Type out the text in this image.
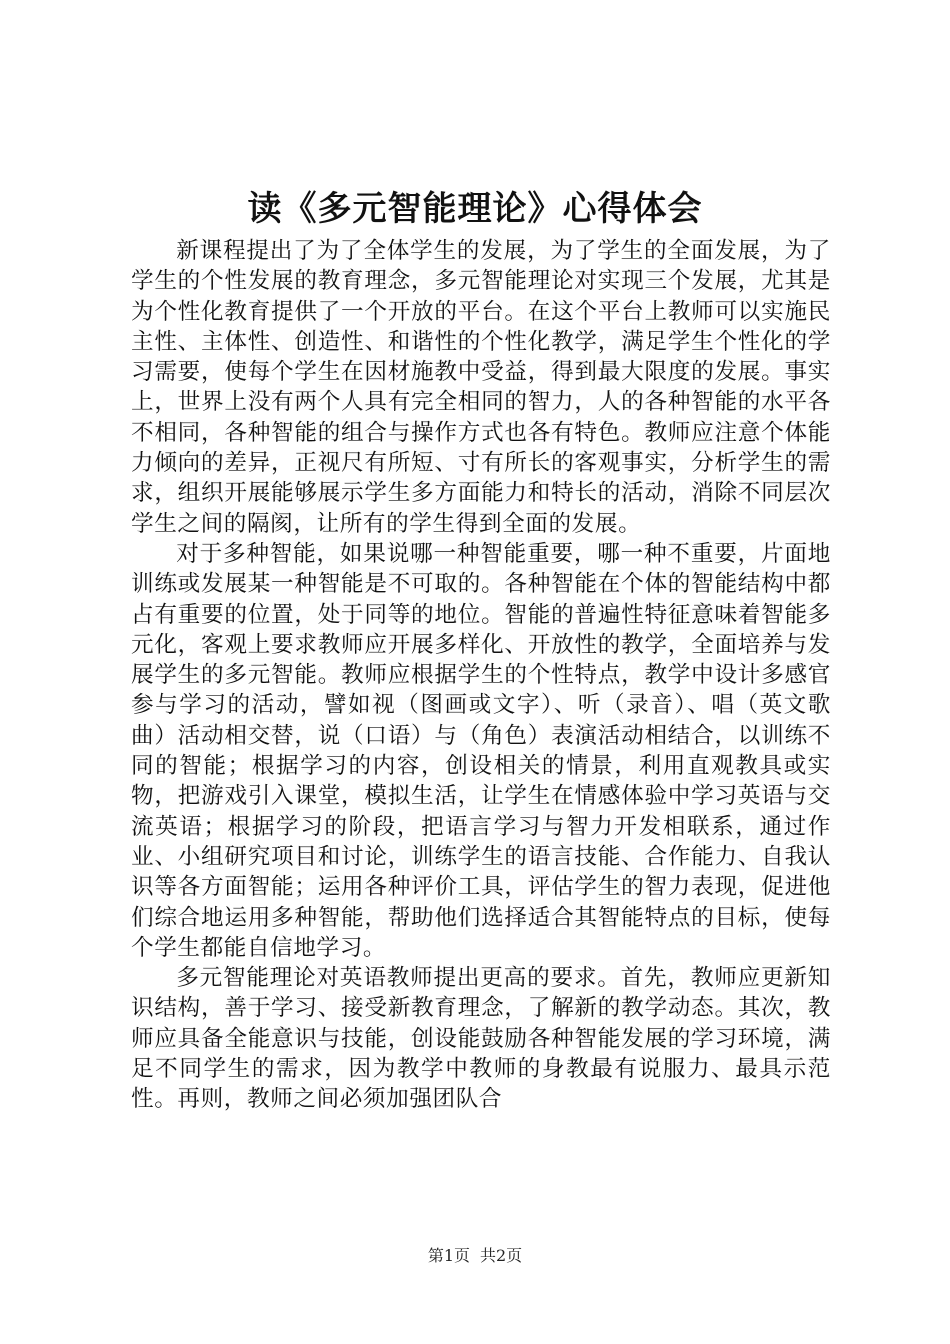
读《多元智能理论》心得体会

新课程提出了为了全体学生的发展，为了学生的全面发展，为了学生的个性发展的教育理念，多元智能理论对实现三个发展，尤其是为个性化教育提供了一个开放的平台。在这个平台上教师可以实施民主性、主体性、创造性、和谐性的个性化教学，满足学生个性化的学习需要，使每个学生在因材施教中受益，得到最大限度的发展。事实上，世界上没有两个人具有完全相同的智力，人的各种智能的水平各不相同，各种智能的组合与操作方式也各有特色。教师应注意个体能力倾向的差异，正视尺有所短、寸有所长的客观事实，分析学生的需求，组织开展能够展示学生多方面能力和特长的活动，消除不同层次学生之间的隔阂，让所有的学生得到全面的发展。

对于多种智能，如果说哪一种智能重要，哪一种不重要，片面地训练或发展某一种智能是不可取的。各种智能在个体的智能结构中都占有重要的位置，处于同等的地位。智能的普遍性特征意味着智能多元化，客观上要求教师应开展多样化、开放性的教学，全面培养与发展学生的多元智能。教师应根据学生的个性特点，教学中设计多感官参与学习的活动，譬如视（图画或文字）、听（录音）、唱（英文歌曲）活动相交替，说（口语）与（角色）表演活动相结合，以训练不同的智能；根据学习的内容，创设相关的情景，利用直观教具或实物，把游戏引入课堂，模拟生活，让学生在情感体验中学习英语与交流英语；根据学习的阶段，把语言学习与智力开发相联系，通过作业、小组研究项目和讨论，训练学生的语言技能、合作能力、自我认识等各方面智能；运用各种评价工具，评估学生的智力表现，促进他们综合地运用多种智能，帮助他们选择适合其智能特点的目标，使每个学生都能自信地学习。

多元智能理论对英语教师提出更高的要求。首先，教师应更新知识结构，善于学习、接受新教育理念，了解新的教学动态。其次，教师应具备全能意识与技能，创设能鼓励各种智能发展的学习环境，满足不同学生的需求，因为教学中教师的身教最有说服力、最具示范性。再则，教师之间必须加强团队合

第1页 共2页
